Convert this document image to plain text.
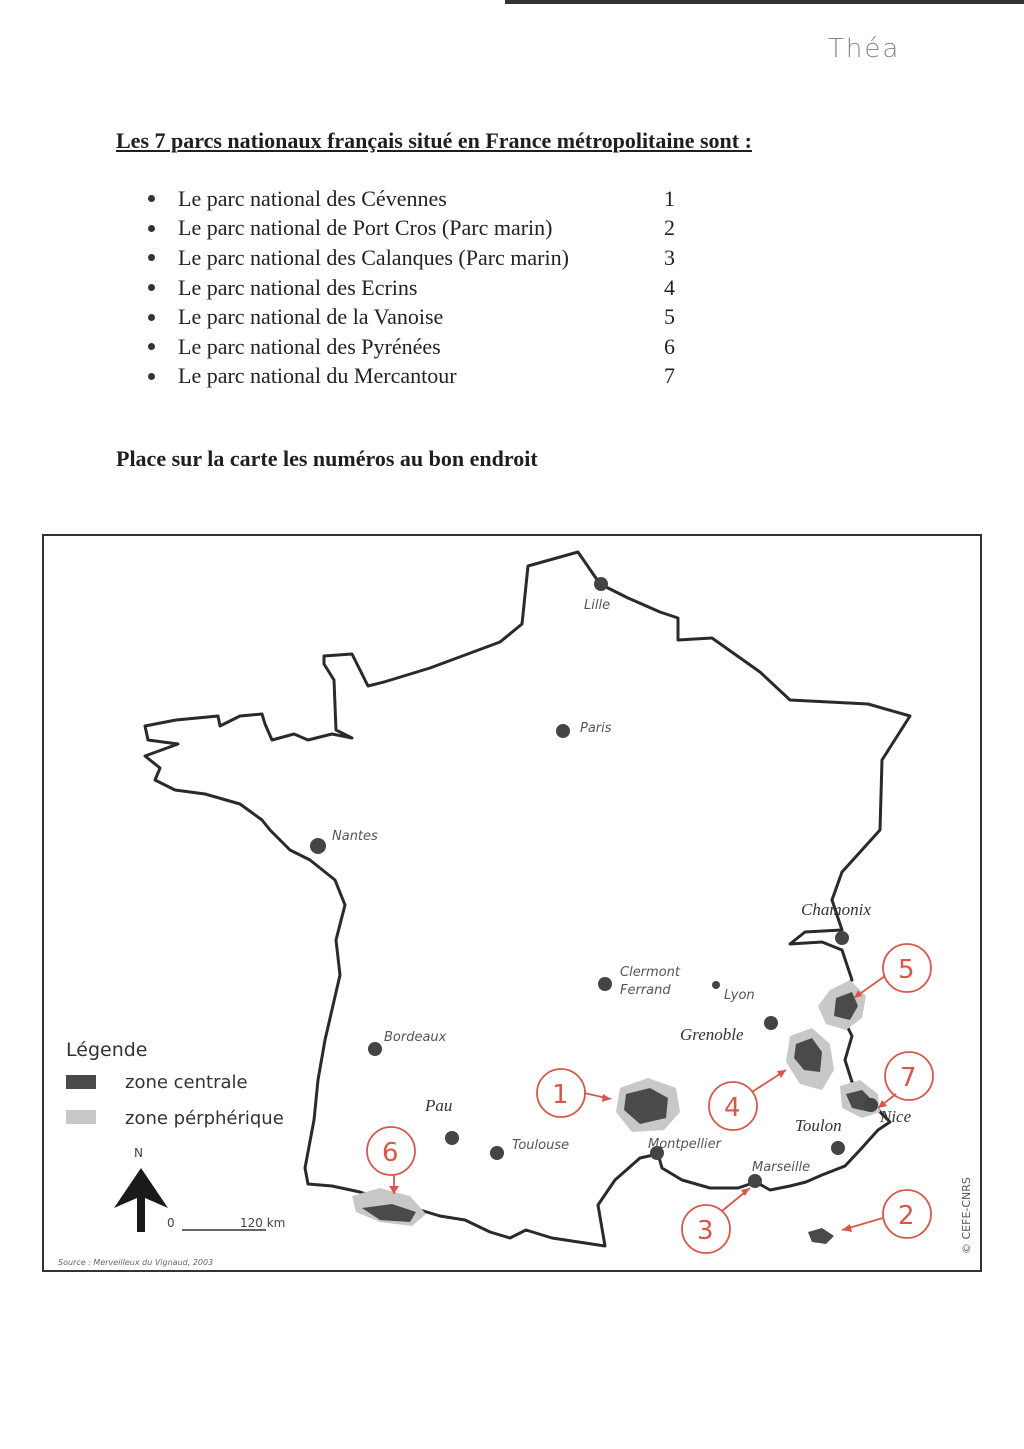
Théa
Les 7 parcs nationaux français situé en France métropolitaine sont :
Le parc national des Cévennes	1
Le parc national de Port Cros (Parc marin)	2
Le parc national des Calanques (Parc marin)	3
Le parc national des Ecrins	4
Le parc national de la Vanoise	5
Le parc national des Pyrénées	6
Le parc national du Mercantour	7
Place sur la carte les numéros au bon endroit
Lille
Paris
Nantes
Chamonix
Clermont
Ferrand	Lyon
Grenoble
Bordeaux
Pau
Toulouse	Montpellier
Marseille
Toulon Nice
Légende
zone centrale
zone pérphérique
N
0	120 km
Source : Merveilleux du Vignaud, 2003
© CEFE-CNRS
5
1	4
7
6
3	2
